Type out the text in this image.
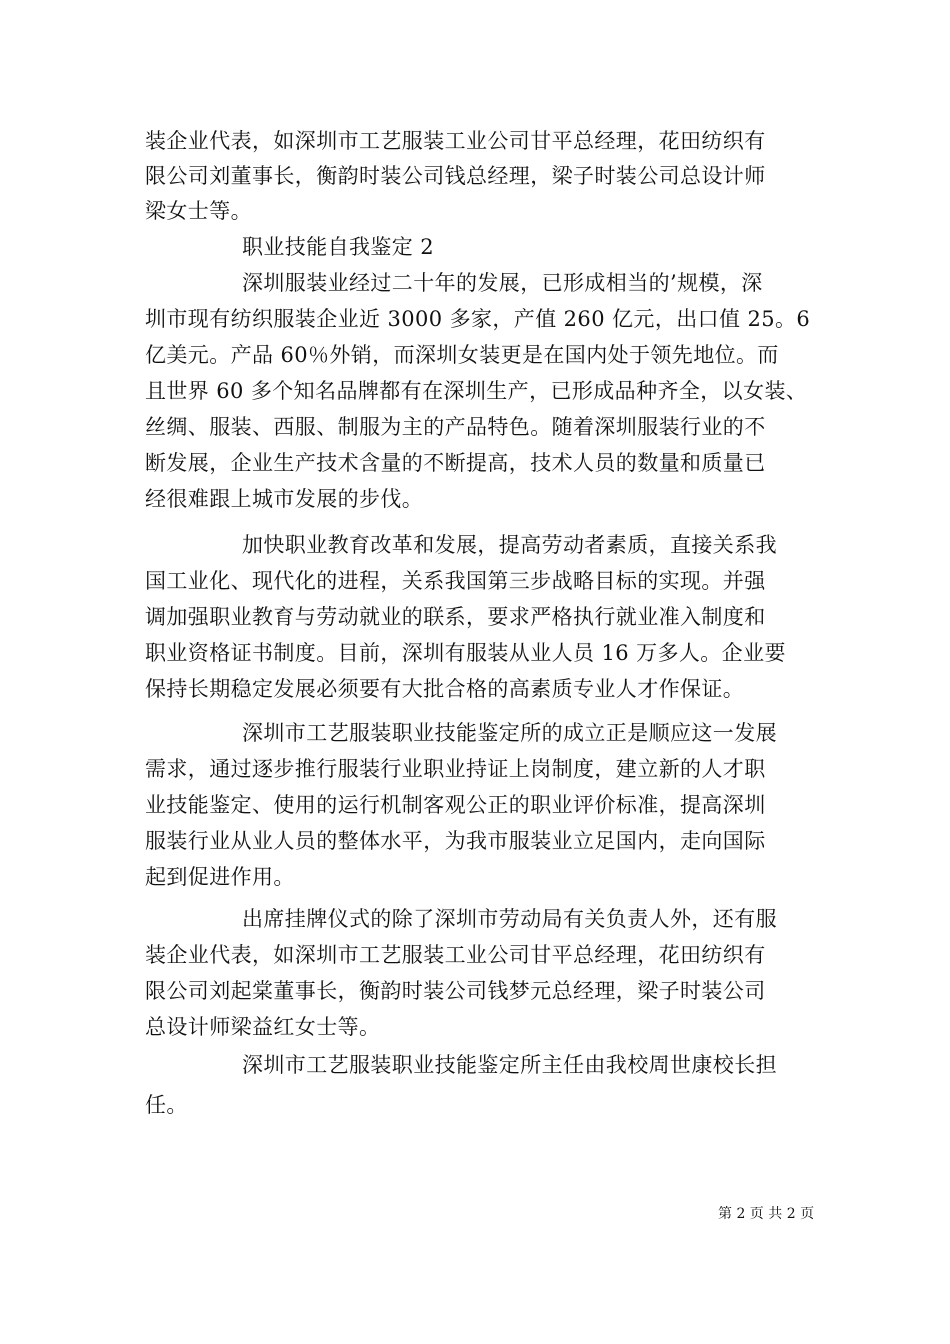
装企业代表，如深圳市工艺服装工业公司甘平总经理，花田纺织有
限公司刘董事长，衡韵时装公司钱总经理，梁子时装公司总设计师
梁女士等。
职业技能自我鉴定 2
深圳服装业经过二十年的发展，已形成相当的’规模，深
圳市现有纺织服装企业近 3000 多家，产值 260 亿元，出口值 25。6
亿美元。产品 60％外销，而深圳女装更是在国内处于领先地位。而
且世界 60 多个知名品牌都有在深圳生产，已形成品种齐全，以女装、
丝绸、服装、西服、制服为主的产品特色。随着深圳服装行业的不
断发展，企业生产技术含量的不断提高，技术人员的数量和质量已
经很难跟上城市发展的步伐。
加快职业教育改革和发展，提高劳动者素质，直接关系我
国工业化、现代化的进程，关系我国第三步战略目标的实现。并强
调加强职业教育与劳动就业的联系，要求严格执行就业准入制度和
职业资格证书制度。目前，深圳有服装从业人员 16 万多人。企业要
保持长期稳定发展必须要有大批合格的高素质专业人才作保证。
深圳市工艺服装职业技能鉴定所的成立正是顺应这一发展
需求，通过逐步推行服装行业职业持证上岗制度，建立新的人才职
业技能鉴定、使用的运行机制客观公正的职业评价标准，提高深圳
服装行业从业人员的整体水平，为我市服装业立足国内，走向国际
起到促进作用。
出席挂牌仪式的除了深圳市劳动局有关负责人外，还有服
装企业代表，如深圳市工艺服装工业公司甘平总经理，花田纺织有
限公司刘起棠董事长，衡韵时装公司钱梦元总经理，梁子时装公司
总设计师梁益红女士等。
深圳市工艺服装职业技能鉴定所主任由我校周世康校长担
任。
第 2 页 共 2 页
